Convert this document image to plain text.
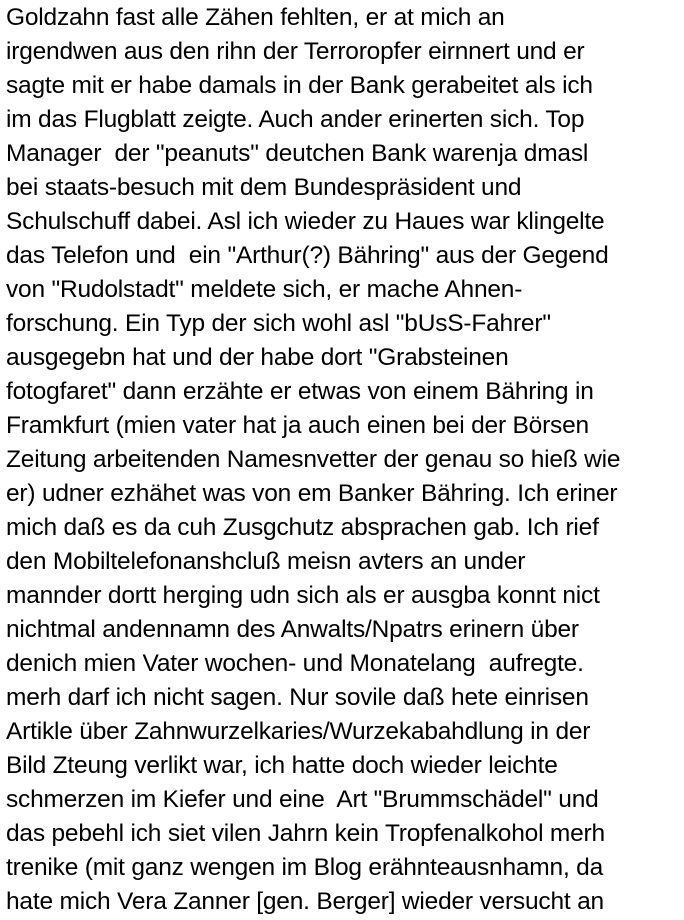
Goldzahn fast alle Zähen fehlten, er at mich an
irgendwen aus den rihn der Terroropfer eirnnert und er
sagte mit er habe damals in der Bank gerabeitet als ich
im das Flugblatt zeigte. Auch ander erinerten sich. Top
Manager  der "peanuts" deutchen Bank warenja dmasl
bei staats-besuch mit dem Bundespräsident und
Schulschuff dabei. Asl ich wieder zu Haues war klingelte
das Telefon und  ein "Arthur(?) Bähring" aus der Gegend
von "Rudolstadt" meldete sich, er mache Ahnen-
forschung. Ein Typ der sich wohl asl "bUsS-Fahrer"
ausgegebn hat und der habe dort "Grabsteinen
fotogfaret" dann erzähte er etwas von einem Bähring in
Framkfurt (mien vater hat ja auch einen bei der Börsen
Zeitung arbeitenden Namesnvetter der genau so hieß wie
er) udner ezhähet was von em Banker Bähring. Ich eriner
mich daß es da cuh Zusgchutz absprachen gab. Ich rief
den Mobiltelefonanshcluß meisn avters an under
mannder dortt herging udn sich als er ausgba konnt nict
nichtmal andennamn des Anwalts/Npatrs erinern über
denich mien Vater wochen- und Monatelang  aufregte.
merh darf ich nicht sagen. Nur sovile daß hete einrisen
Artikle über Zahnwurzelkaries/Wurzekabahdlung in der
Bild Zteung verlikt war, ich hatte doch wieder leichte
schmerzen im Kiefer und eine  Art "Brummschädel" und
das pebehl ich siet vilen Jahrn kein Tropfenalkohol merh
trenike (mit ganz wengen im Blog erähnteausnhamn, da
hate mich Vera Zanner [gen. Berger] wieder versucht an
